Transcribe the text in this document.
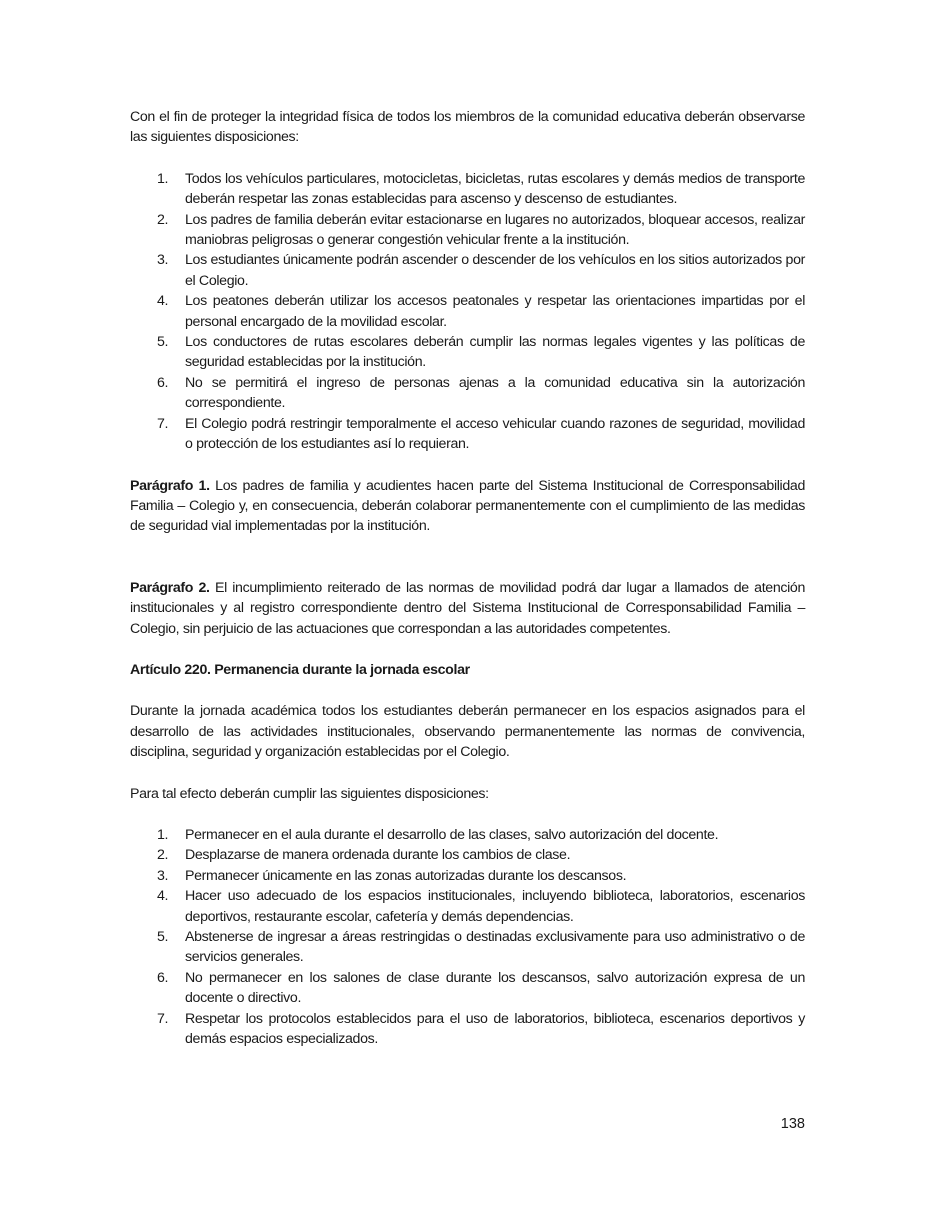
Con el fin de proteger la integridad física de todos los miembros de la comunidad educativa deberán observarse las siguientes disposiciones:

1. Todos los vehículos particulares, motocicletas, bicicletas, rutas escolares y demás medios de transporte deberán respetar las zonas establecidas para ascenso y descenso de estudiantes.
2. Los padres de familia deberán evitar estacionarse en lugares no autorizados, bloquear accesos, realizar maniobras peligrosas o generar congestión vehicular frente a la institución.
3. Los estudiantes únicamente podrán ascender o descender de los vehículos en los sitios autorizados por el Colegio.
4. Los peatones deberán utilizar los accesos peatonales y respetar las orientaciones impartidas por el personal encargado de la movilidad escolar.
5. Los conductores de rutas escolares deberán cumplir las normas legales vigentes y las políticas de seguridad establecidas por la institución.
6. No se permitirá el ingreso de personas ajenas a la comunidad educativa sin la autorización correspondiente.
7. El Colegio podrá restringir temporalmente el acceso vehicular cuando razones de seguridad, movilidad o protección de los estudiantes así lo requieran.

Parágrafo 1. Los padres de familia y acudientes hacen parte del Sistema Institucional de Corresponsabilidad Familia – Colegio y, en consecuencia, deberán colaborar permanentemente con el cumplimiento de las medidas de seguridad vial implementadas por la institución.

Parágrafo 2. El incumplimiento reiterado de las normas de movilidad podrá dar lugar a llamados de atención institucionales y al registro correspondiente dentro del Sistema Institucional de Corresponsabilidad Familia – Colegio, sin perjuicio de las actuaciones que correspondan a las autoridades competentes.

Artículo 220. Permanencia durante la jornada escolar

Durante la jornada académica todos los estudiantes deberán permanecer en los espacios asignados para el desarrollo de las actividades institucionales, observando permanentemente las normas de convivencia, disciplina, seguridad y organización establecidas por el Colegio.

Para tal efecto deberán cumplir las siguientes disposiciones:

1. Permanecer en el aula durante el desarrollo de las clases, salvo autorización del docente.
2. Desplazarse de manera ordenada durante los cambios de clase.
3. Permanecer únicamente en las zonas autorizadas durante los descansos.
4. Hacer uso adecuado de los espacios institucionales, incluyendo biblioteca, laboratorios, escenarios deportivos, restaurante escolar, cafetería y demás dependencias.
5. Abstenerse de ingresar a áreas restringidas o destinadas exclusivamente para uso administrativo o de servicios generales.
6. No permanecer en los salones de clase durante los descansos, salvo autorización expresa de un docente o directivo.
7. Respetar los protocolos establecidos para el uso de laboratorios, biblioteca, escenarios deportivos y demás espacios especializados.
138
